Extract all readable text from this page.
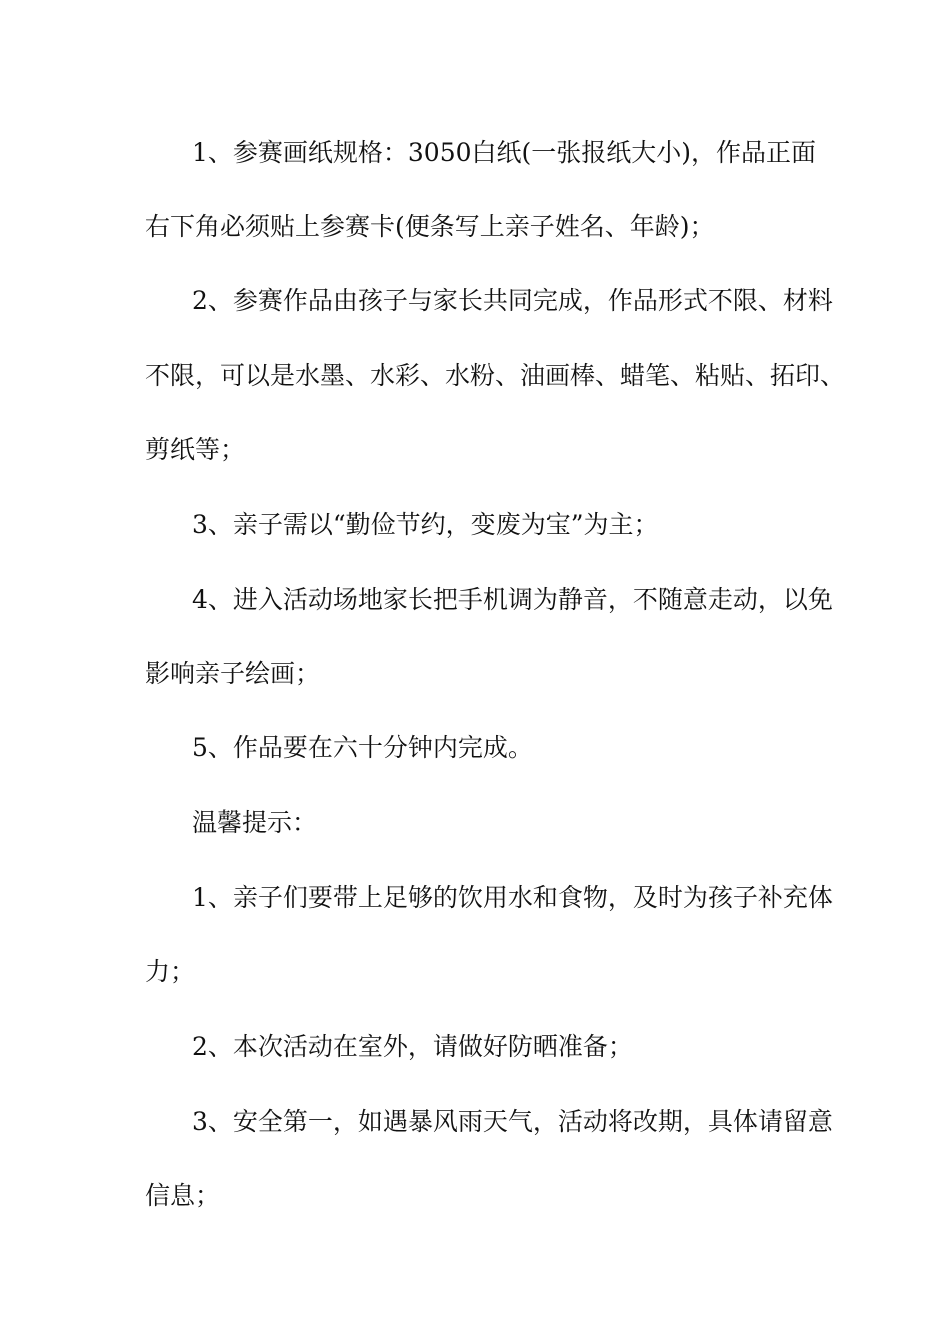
1、参赛画纸规格：3050白纸(一张报纸大小)，作品正面
右下角必须贴上参赛卡(便条写上亲子姓名、年龄)；
2、参赛作品由孩子与家长共同完成，作品形式不限、材料
不限，可以是水墨、水彩、水粉、油画棒、蜡笔、粘贴、拓印、
剪纸等；
3、亲子需以“勤俭节约，变废为宝”为主；
4、进入活动场地家长把手机调为静音，不随意走动，以免
影响亲子绘画；
5、作品要在六十分钟内完成。
温馨提示：
1、亲子们要带上足够的饮用水和食物，及时为孩子补充体
力；
2、本次活动在室外，请做好防晒准备；
3、安全第一，如遇暴风雨天气，活动将改期，具体请留意
信息；
